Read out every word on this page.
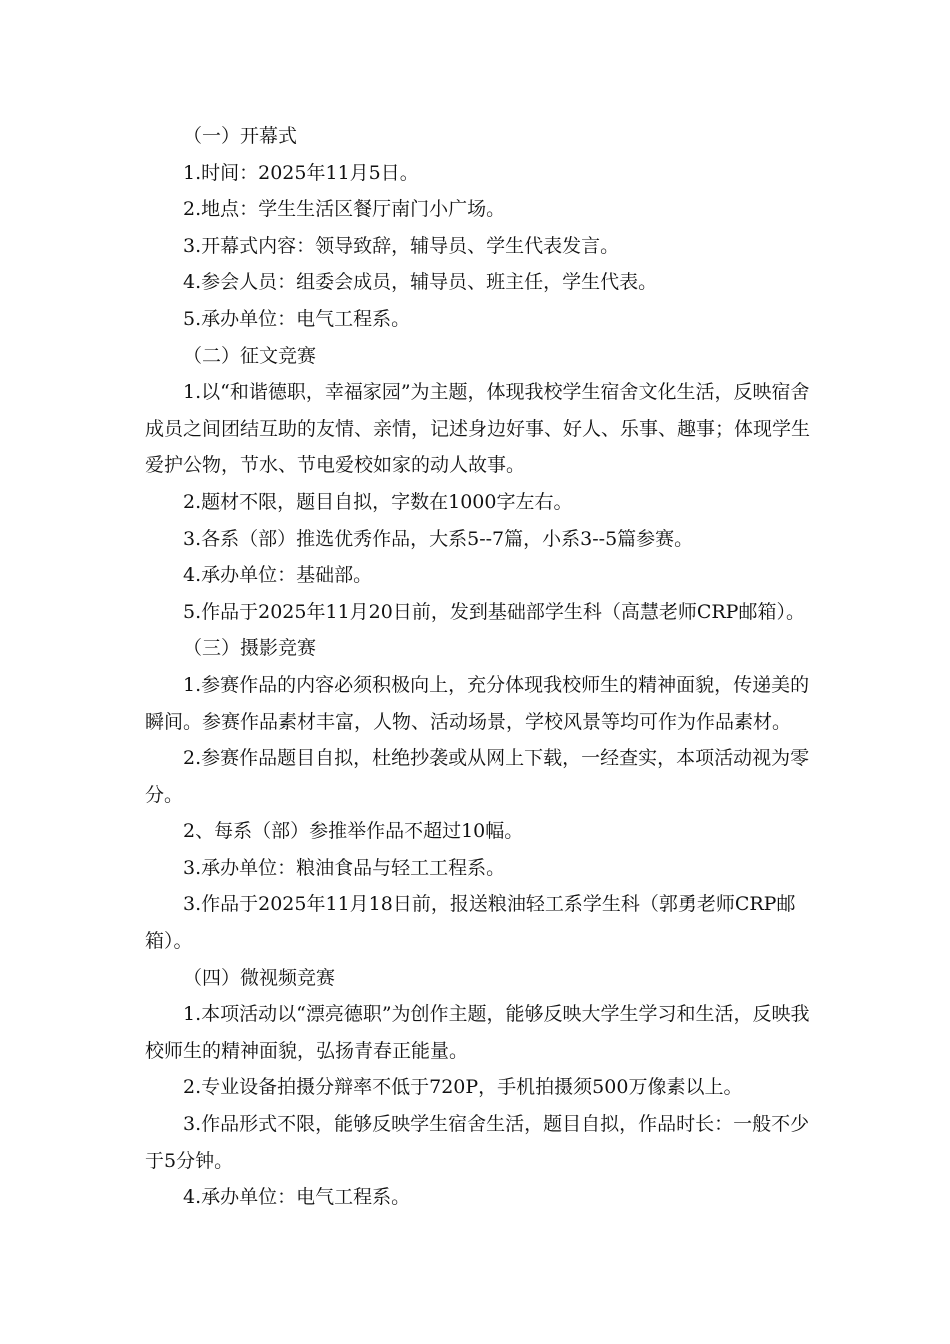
（一）开幕式

1.时间：2025年11月5日。

2.地点：学生生活区餐厅南门小广场。

3.开幕式内容：领导致辞，辅导员、学生代表发言。

4.参会人员：组委会成员，辅导员、班主任，学生代表。

5.承办单位：电气工程系。

（二）征文竞赛

1.以“和谐德职，幸福家园”为主题，体现我校学生宿舍文化生活，反映宿舍成员之间团结互助的友情、亲情，记述身边好事、好人、乐事、趣事；体现学生爱护公物，节水、节电爱校如家的动人故事。

2.题材不限，题目自拟，字数在1000字左右。

3.各系（部）推选优秀作品，大系5--7篇，小系3--5篇参赛。

4.承办单位：基础部。

5.作品于2025年11月20日前，发到基础部学生科（高慧老师CRP邮箱）。

（三）摄影竞赛

1.参赛作品的内容必须积极向上，充分体现我校师生的精神面貌，传递美的瞬间。参赛作品素材丰富，人物、活动场景，学校风景等均可作为作品素材。

2.参赛作品题目自拟，杜绝抄袭或从网上下载，一经查实，本项活动视为零分。

2、每系（部）参推举作品不超过10幅。

3.承办单位：粮油食品与轻工工程系。

3.作品于2025年11月18日前，报送粮油轻工系学生科（郭勇老师CRP邮箱）。

（四）微视频竞赛

1.本项活动以“漂亮德职”为创作主题，能够反映大学生学习和生活，反映我校师生的精神面貌，弘扬青春正能量。

2.专业设备拍摄分辩率不低于720P，手机拍摄须500万像素以上。

3.作品形式不限，能够反映学生宿舍生活，题目自拟，作品时长：一般不少于5分钟。

4.承办单位：电气工程系。
